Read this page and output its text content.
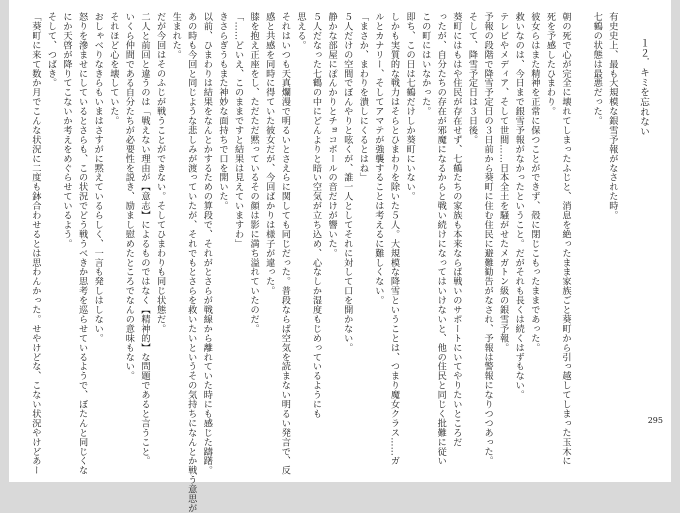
１２．キミを忘れない

有史史上、最も大規模な銀雪予報がなされた時。

七鶴の状態は最悪だった。

朝の死で心が完全に壊れてしまったふじと、消息を絶ったまま家族ごと葵町から引っ越してしまった玉木に

死を予感したひまわり。

彼女らはまた精神を正常に保つことができず、殻に閉じこもったままであった。

救いなのは、今日まで銀雪予報がなかったということ。だがそれも長くは続くはずもない。

テレビやメディア、そして世間……日本全土を騒がせたメガトン級の銀雪予報。

予報の段階で降雪予定日の３日前から葵町に住む住民に避難勧告がなされ、予報は警報になりつつあった。

そして、降雪予定日は３日後。

葵町にはもはや住民が存在せず、七鶴たちの家族も本来ならば戦いのサポートにいてやりたいところだ

ったが、自分たちの存在が邪魔になるからと戦い続けになってはいけないと、他の住民と同じく批難に従い

この町にはいなかった。

即ち、この日は七鶴だけしか葵町にいない。

しかも実質的な戦力はそらとひまわりを除いた５人。大規模な降雪ということは、つまり魔女クラス……ガ

ルとカナリー、そしてアマテが強襲することは考えるに難しくない。

「まさか、まわりを潰しにくるとはね」

５人だけの空間でぼんやりと呟くが、誰一人としてそれに対して口を開かない。

静かな部屋にぽんかりとチョコボールの音だけが響いた。

５人だなった七鶴の中にどんよりと暗い空気が立ち込め、心なしか湿度もじめっているようにも

思える。

それはいつも天真爛漫で明るいとさえらに関しても同じだった。普段ならば空気を読まない明るい発言で、反

感と共感を同時に得ていた彼女だが、今回ばかりは様子が違った。

膝を抱え正座をし、ただただ黙っているその顔は影に満ち溢れていたのだ。

「……どいえ、このままですと結果は見えていますわ」

きさらぎうもまた神妙な面持ちで口を開いた。

以前、ひまわりは結果をなんとかするための算段で、それがとさらが戦線から離れていた時にも感じた躊躇。

あの時も今回と同じような悲しみが渡っていたが、それでもとさらを救いたいというその気持ちになんとか戦う意思が

生まれた。

だが今回はそのふじが戦うことができない。そしてひまわりも同じ状態だ。

二人と前回と違うのは「戦えない理由が【意志】によるものではなく【精神的】な問題であると言うこと。

いくら仲間である自分たちが必要性を説き、励まし慰めたところでなんの意味もない。

それほど心を壊していた。

おしゃべりなきらもいまはさすがに黙えているらしく、一言も発しはしない。

怒りを滲ませにしているとさらも、この状況でどう戦うべきか思考を巡らせているようで、ぼたんと同じくな

にか天啓が降りてこないか考えをめぐらせているよう。

そして、つばき。

「葵町に来て数か月でこんな状況に二度も鉢合わせるとは思わんかった。せやけどな、こない状況やけどあー	295
